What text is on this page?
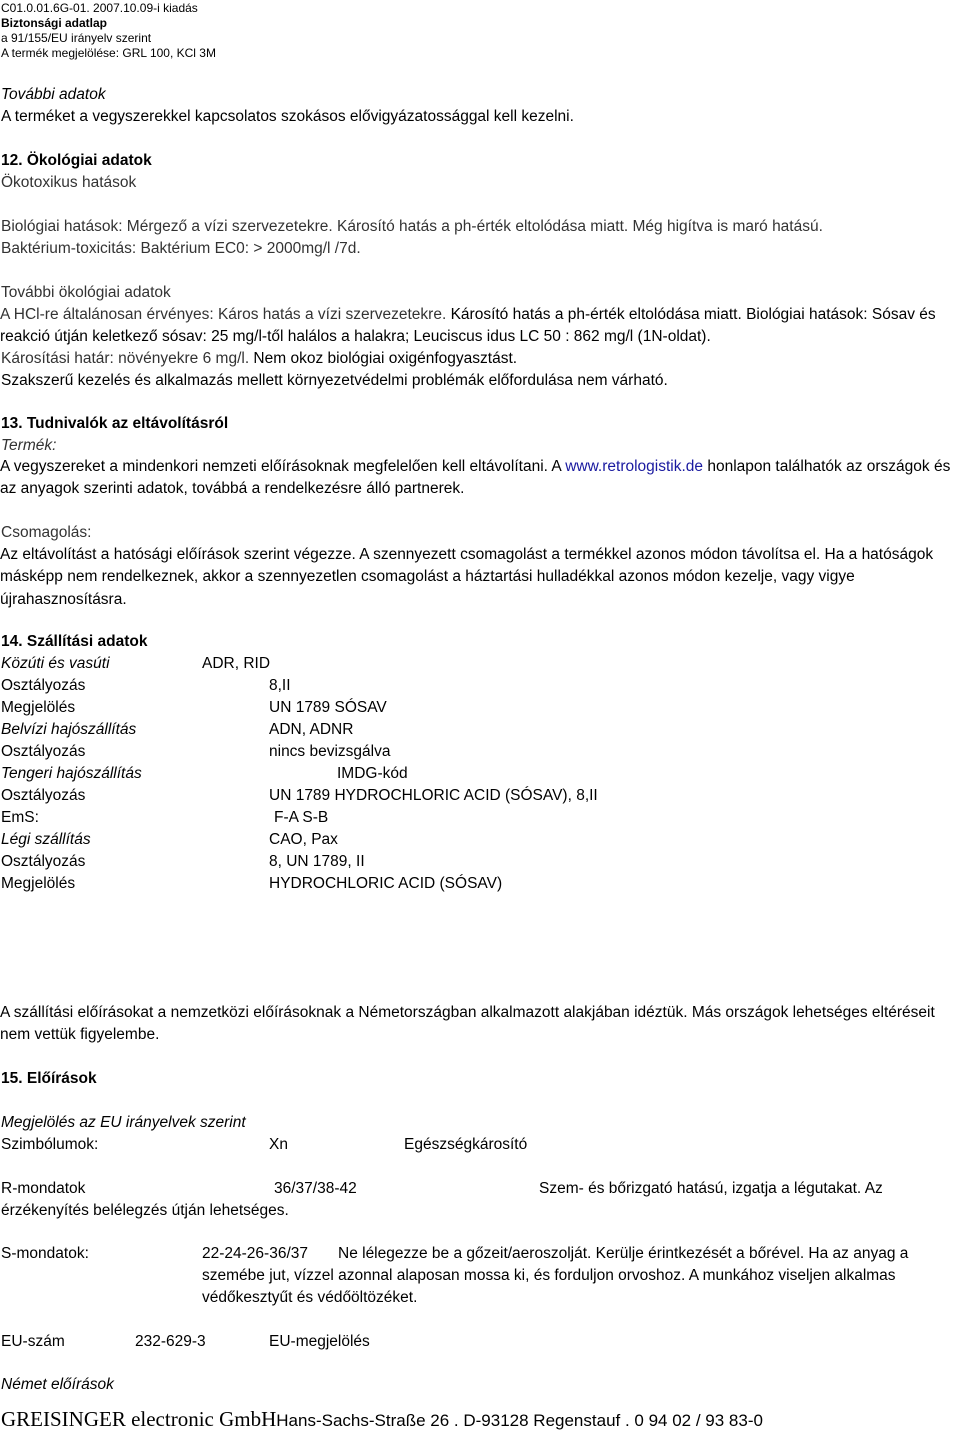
C01.0.01.6G-01. 2007.10.09-i kiadás
Biztonsági adatlap
a 91/155/EU irányelv szerint
A termék megjelölése: GRL 100, KCl 3M
További adatok
A terméket a vegyszerekkel kapcsolatos szokásos elővigyázatossággal kell kezelni.
12. Ökológiai adatok
Ökotoxikus hatások
Biológiai hatások: Mérgező a vízi szervezetekre. Károsító hatás a ph-érték eltolódása miatt. Még higítva is maró hatású.
Baktérium-toxicitás: Baktérium EC0: > 2000mg/l /7d.
További ökológiai adatok
A HCl-re általánosan érvényes: Káros hatás a vízi szervezetekre. Károsító hatás a ph-érték eltolódása miatt. Biológiai hatások: Sósav és reakció útján keletkező sósav: 25 mg/l-től halálos a halakra; Leuciscus idus LC 50 : 862 mg/l (1N-oldat).
Károsítási határ: növényekre 6 mg/l. Nem okoz biológiai oxigénfogyasztást.
Szakszerű kezelés és alkalmazás mellett környezetvédelmi problémák előfordulása nem várható.
13. Tudnivalók az eltávolításról
Termék:
A vegyszereket a mindenkori nemzeti előírásoknak megfelelően kell eltávolítani. A www.retrologistik.de honlapon találhatók az országok és az anyagok szerinti adatok, továbbá a rendelkezésre álló partnerek.
Csomagolás:
Az eltávolítást a hatósági előírások szerint végezze. A szennyezett csomagolást a termékkel azonos módon távolítsa el. Ha a hatóságok másképp nem rendelkeznek, akkor a szennyezetlen csomagolást a háztartási hulladékkal azonos módon kezelje, vagy vigye újrahasznosításra.
14. Szállítási adatok
Közúti és vasúti	ADR, RID
Osztályozás	8,II
Megjelölés	UN 1789 SÓSAV
Belvízi hajószállítás	ADN, ADNR
Osztályozás	nincs bevizsgálva
Tengeri hajószállítás	IMDG-kód
Osztályozás	UN 1789 HYDROCHLORIC ACID (SÓSAV), 8,II
EmS:	F-A S-B
Légi szállítás	CAO, Pax
Osztályozás	8, UN 1789, II
Megjelölés	HYDROCHLORIC ACID (SÓSAV)
A szállítási előírásokat a nemzetközi előírásoknak a Németországban alkalmazott alakjában idéztük. Más országok lehetséges eltéréseit nem vettük figyelembe.
15. Előírások
Megjelölés az EU irányelvek szerint
Szimbólumok:	Xn	Egészségkárosító
R-mondatok	36/37/38-42	Szem- és bőrizgató hatású, izgatja a légutakat. Az
érzékenyítés belélegzés útján lehetséges.
S-mondatok:	22-24-26-36/37 Ne lélegezze be a gőzeit/aeroszolját. Kerülje érintkezését a bőrével. Ha az anyag a
szemébe jut, vízzel azonnal alaposan mossa ki, és forduljon orvoshoz. A munkához viseljen alkalmas
védőkesztyűt és védőöltözéket.
EU-szám	232-629-3	EU-megjelölés
Német előírások
GREISINGER electronic GmbHHans-Sachs-Straße 26 . D-93128 Regenstauf . 0 94 02 / 93 83-0
